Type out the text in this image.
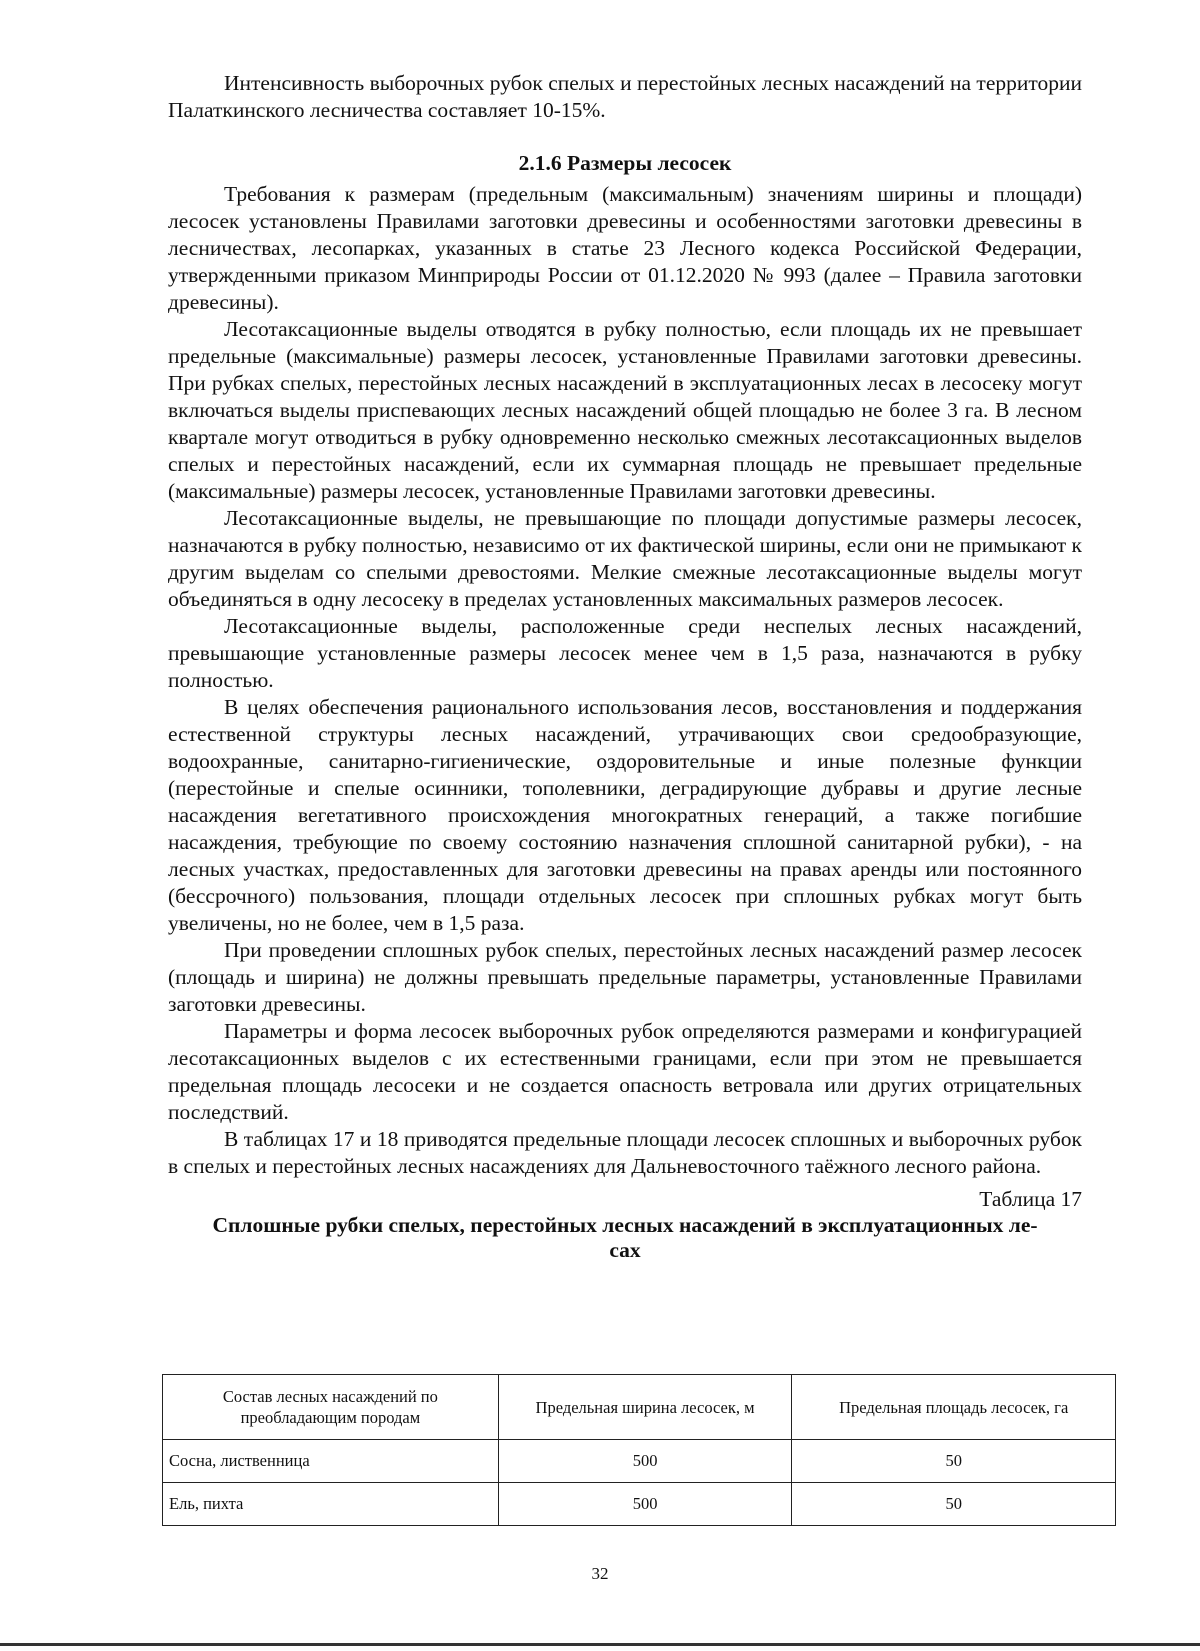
Интенсивность выборочных рубок спелых и перестойных лесных насаждений на территории Палаткинского лесничества составляет 10-15%.

2.1.6 Размеры лесосек

Требования к размерам (предельным (максимальным) значениям ширины и площади) лесосек установлены Правилами заготовки древесины и особенностями заготовки древесины в лесничествах, лесопарках, указанных в статье 23 Лесного кодекса Российской Федерации, утвержденными приказом Минприроды России от 01.12.2020 № 993 (далее – Правила заготовки древесины).

Лесотаксационные выделы отводятся в рубку полностью, если площадь их не превышает предельные (максимальные) размеры лесосек, установленные Правилами заготовки древесины. При рубках спелых, перестойных лесных насаждений в эксплуатационных лесах в лесосеку могут включаться выделы приспевающих лесных насаждений общей площадью не более 3 га. В лесном квартале могут отводиться в рубку одновременно несколько смежных лесотаксационных выделов спелых и перестойных насаждений, если их суммарная площадь не превышает предельные (максимальные) размеры лесосек, установленные Правилами заготовки древесины.

Лесотаксационные выделы, не превышающие по площади допустимые размеры лесосек, назначаются в рубку полностью, независимо от их фактической ширины, если они не примыкают к другим выделам со спелыми древостоями. Мелкие смежные лесотаксационные выделы могут объединяться в одну лесосеку в пределах установленных максимальных размеров лесосек.

Лесотаксационные выделы, расположенные среди неспелых лесных насаждений, превышающие установленные размеры лесосек менее чем в 1,5 раза, назначаются в рубку полностью.

В целях обеспечения рационального использования лесов, восстановления и поддержания естественной структуры лесных насаждений, утрачивающих свои средообразующие, водоохранные, санитарно-гигиенические, оздоровительные и иные полезные функции (перестойные и спелые осинники, тополевники, деградирующие дубравы и другие лесные насаждения вегетативного происхождения многократных генераций, а также погибшие насаждения, требующие по своему состоянию назначения сплошной санитарной рубки), - на лесных участках, предоставленных для заготовки древесины на правах аренды или постоянного (бессрочного) пользования, площади отдельных лесосек при сплошных рубках могут быть увеличены, но не более, чем в 1,5 раза.

При проведении сплошных рубок спелых, перестойных лесных насаждений размер лесосек (площадь и ширина) не должны превышать предельные параметры, установленные Правилами заготовки древесины.

Параметры и форма лесосек выборочных рубок определяются размерами и конфигурацией лесотаксационных выделов с их естественными границами, если при этом не превышается предельная площадь лесосеки и не создается опасность ветровала или других отрицательных последствий.

В таблицах 17 и 18 приводятся предельные площади лесосек сплошных и выборочных рубок в спелых и перестойных лесных насаждениях для Дальневосточного таёжного лесного района.

Таблица 17

Сплошные рубки спелых, перестойных лесных насаждений в эксплуатационных ле-
сах

Состав лесных насаждений по преобладающим породам	Предельная ширина лесосек, м	Предельная площадь лесосек, га
Сосна, лиственница	500	50
Ель, пихта	500	50
32
